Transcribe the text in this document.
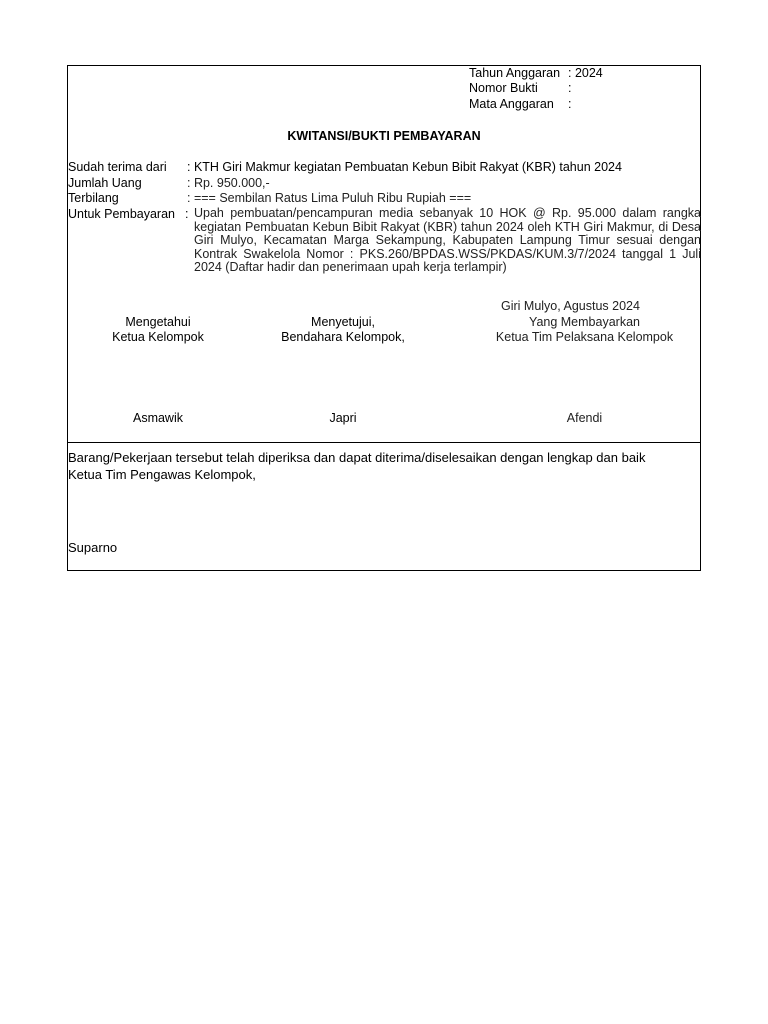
Tahun Anggaran : 2024
Nomor Bukti :
Mata Anggaran :
KWITANSI/BUKTI PEMBAYARAN
Sudah terima dari : KTH Giri Makmur kegiatan Pembuatan Kebun Bibit Rakyat (KBR) tahun 2024
Jumlah Uang	: Rp. 950.000,-
Terbilang	: === Sembilan Ratus Lima Puluh Ribu Rupiah ===
Untuk Pembayaran : Upah pembuatan/pencampuran media sebanyak 10 HOK @ Rp. 95.000 dalam rangka kegiatan Pembuatan Kebun Bibit Rakyat (KBR) tahun 2024 oleh KTH Giri Makmur, di Desa Giri Mulyo, Kecamatan Marga Sekampung, Kabupaten Lampung Timur sesuai dengan Kontrak Swakelola Nomor : PKS.260/BPDAS.WSS/PKDAS/KUM.3/7/2024 tanggal 1 Juli 2024 (Daftar hadir dan penerimaan upah kerja terlampir)
Giri Mulyo, Agustus 2024
Mengetahui
Ketua Kelompok
Asmawik
Menyetujui,
Bendahara Kelompok,
Japri
Yang Membayarkan
Ketua Tim Pelaksana Kelompok
Afendi
Barang/Pekerjaan tersebut telah diperiksa dan dapat diterima/diselesaikan dengan lengkap dan baik
Ketua Tim Pengawas Kelompok,
Suparno
